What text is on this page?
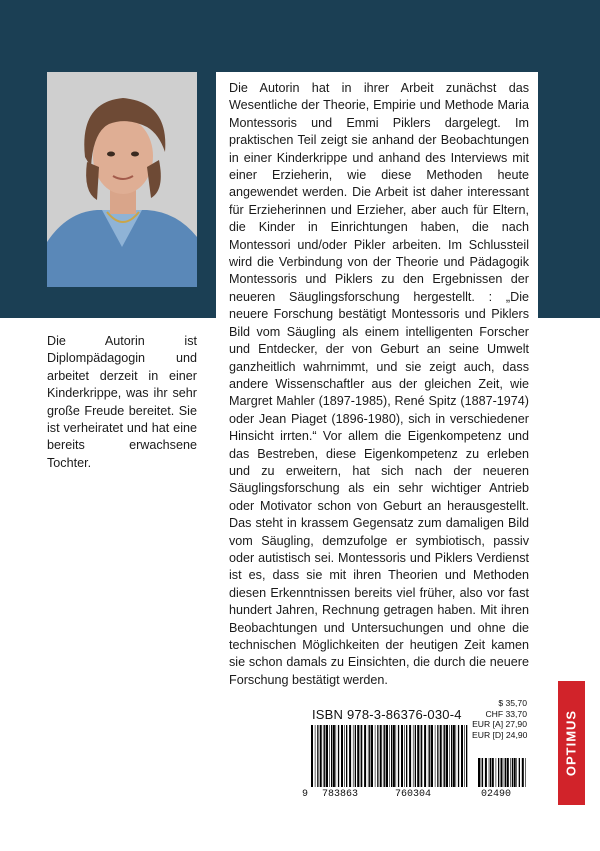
Die Autorin hat in ihrer Arbeit zunächst das Wesentliche der Theorie, Empirie und Methode Maria Montessoris und Emmi Piklers dargelegt. Im praktischen Teil zeigt sie anhand der Beobachtungen in einer Kinderkrippe und anhand des Interviews mit einer Erzieherin, wie diese Methoden heute angewendet werden. Die Arbeit ist daher interessant für Erzieherinnen und Erzieher, aber auch für Eltern, die Kinder in Einrichtungen haben, die nach Montessori und/oder Pikler arbeiten. Im Schlussteil wird die Verbindung von der Theorie und Pädagogik Montessoris und Piklers zu den Ergebnissen der neueren Säuglingsforschung hergestellt. : „Die neuere Forschung bestätigt Montessoris und Piklers Bild vom Säugling als einem intelligenten Forscher und Entdecker, der von Geburt an seine Umwelt ganzheitlich wahrnimmt, und sie zeigt auch, dass andere Wissenschaftler aus der gleichen Zeit, wie Margret Mahler (1897-1985), René Spitz (1887-1974) oder Jean Piaget (1896-1980), sich in verschiedener Hinsicht irrten.“ Vor allem die Eigenkompetenz und das Bestreben, diese Eigenkompetenz zu erleben und zu erweitern, hat sich nach der neueren Säuglingsforschung als ein sehr wichtiger Antrieb oder Motivator schon von Geburt an herausgestellt. Das steht in krassem Gegensatz zum damaligen Bild vom Säugling, demzufolge er symbiotisch, passiv oder autistisch sei. Montessoris und Piklers Verdienst ist es, dass sie mit ihren Theorien und Methoden diesen Erkenntnissen bereits viel früher, also vor fast hundert Jahren, Rechnung getragen haben. Mit ihren Beobachtungen und Untersuchungen und ohne die technischen Möglichkeiten der heutigen Zeit kamen sie schon damals zu Einsichten, die durch die neuere Forschung bestätigt werden.

Die Autorin ist Diplompädagogin und arbeitet derzeit in einer Kinderkrippe, was ihr sehr große Freude bereitet. Sie ist verheiratet und hat eine bereits erwachsene Tochter.

ISBN 978-3-86376-030-4
9 783863	760304	02490
$ 35,70
CHF 33,70
EUR [A] 27,90
EUR [D] 24,90	OPTIMUS
